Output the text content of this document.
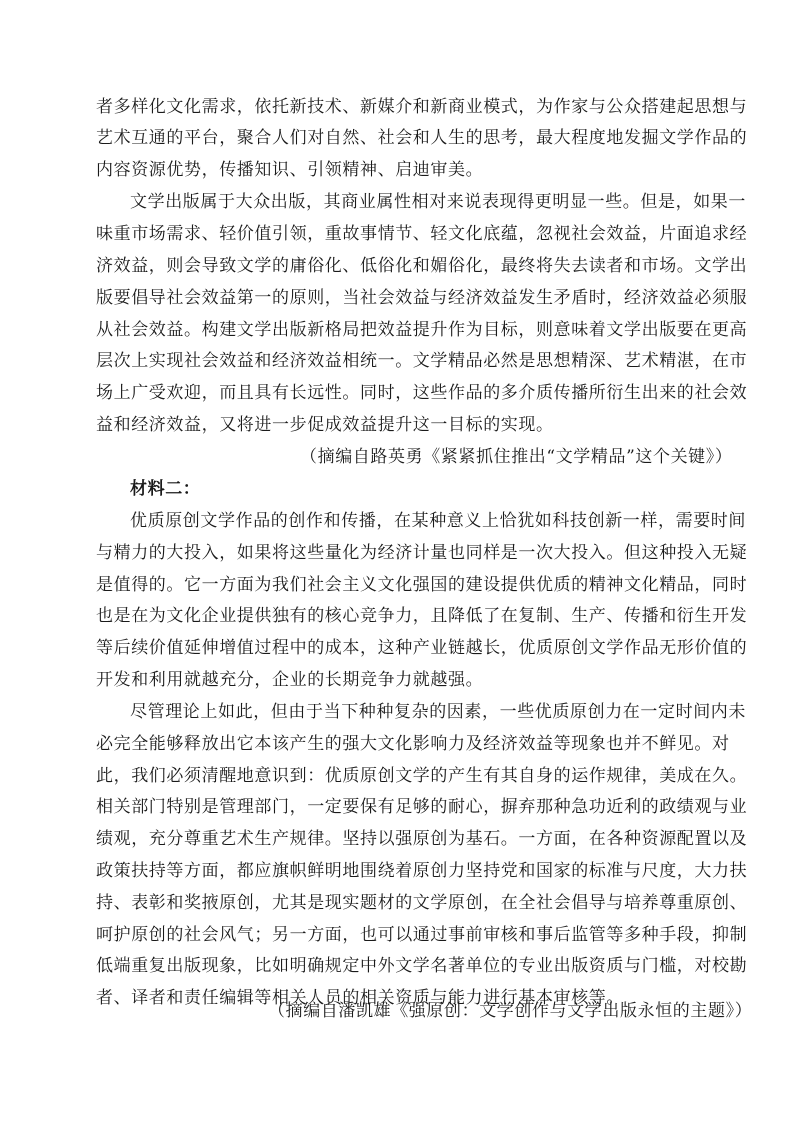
者多样化文化需求，依托新技术、新媒介和新商业模式，为作家与公众搭建起思想与
艺术互通的平台，聚合人们对自然、社会和人生的思考，最大程度地发掘文学作品的
内容资源优势，传播知识、引领精神、启迪审美。
文学出版属于大众出版，其商业属性相对来说表现得更明显一些。但是，如果一
味重市场需求、轻价值引领，重故事情节、轻文化底蕴，忽视社会效益，片面追求经
济效益，则会导致文学的庸俗化、低俗化和媚俗化，最终将失去读者和市场。文学出
版要倡导社会效益第一的原则，当社会效益与经济效益发生矛盾时，经济效益必须服
从社会效益。构建文学出版新格局把效益提升作为目标，则意味着文学出版要在更高
层次上实现社会效益和经济效益相统一。文学精品必然是思想精深、艺术精湛，在市
场上广受欢迎，而且具有长远性。同时，这些作品的多介质传播所衍生出来的社会效
益和经济效益，又将进一步促成效益提升这一目标的实现。
（摘编自路英勇《紧紧抓住推出“文学精品”这个关键》）
材料二：
优质原创文学作品的创作和传播，在某种意义上恰犹如科技创新一样，需要时间
与精力的大投入，如果将这些量化为经济计量也同样是一次大投入。但这种投入无疑
是值得的。它一方面为我们社会主义文化强国的建设提供优质的精神文化精品，同时
也是在为文化企业提供独有的核心竞争力，且降低了在复制、生产、传播和衍生开发
等后续价值延伸增值过程中的成本，这种产业链越长，优质原创文学作品无形价值的
开发和利用就越充分，企业的长期竞争力就越强。
尽管理论上如此，但由于当下种种复杂的因素，一些优质原创力在一定时间内未
必完全能够释放出它本该产生的强大文化影响力及经济效益等现象也并不鲜见。对
此，我们必须清醒地意识到：优质原创文学的产生有其自身的运作规律，美成在久。
相关部门特别是管理部门，一定要保有足够的耐心，摒弃那种急功近利的政绩观与业
绩观，充分尊重艺术生产规律。坚持以强原创为基石。一方面，在各种资源配置以及
政策扶持等方面，都应旗帜鲜明地围绕着原创力坚持党和国家的标准与尺度，大力扶
持、表彰和奖掖原创，尤其是现实题材的文学原创，在全社会倡导与培养尊重原创、
呵护原创的社会风气；另一方面，也可以通过事前审核和事后监管等多种手段，抑制
低端重复出版现象，比如明确规定中外文学名著单位的专业出版资质与门槛，对校勘
者、译者和责任编辑等相关人员的相关资质与能力进行基本审核等。
（摘编自潘凯雄《强原创：文学创作与文学出版永恒的主题》）
